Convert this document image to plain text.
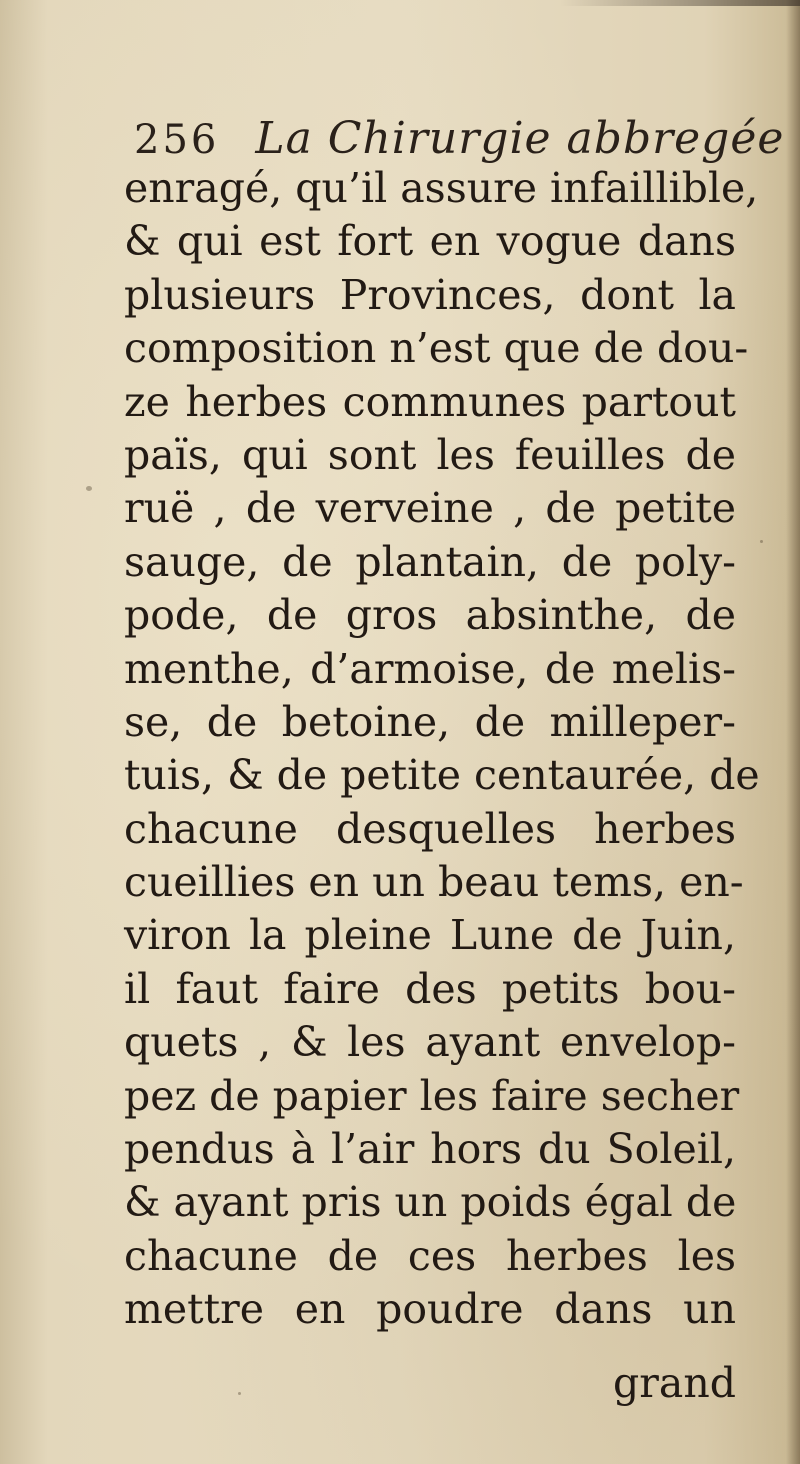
256 La Chirurgie abbregée
enragé, qu’il assure infaillible,
& qui est fort en vogue dans
plusieurs Provinces, dont la
composition n’est que de dou-
ze herbes communes partout
païs, qui sont les feuilles de
ruë , de verveine , de petite
sauge, de plantain, de poly-
pode, de gros absinthe, de
menthe, d’armoise, de melis-
se, de betoine, de milleper-
tuis, & de petite centaurée, de
chacune desquelles herbes
cueillies en un beau tems, en-
viron la pleine Lune de Juin,
il faut faire des petits bou-
quets , & les ayant envelop-
pez de papier les faire secher
pendus à l’air hors du Soleil,
& ayant pris un poids égal de
chacune de ces herbes les
mettre en poudre dans un
grand
